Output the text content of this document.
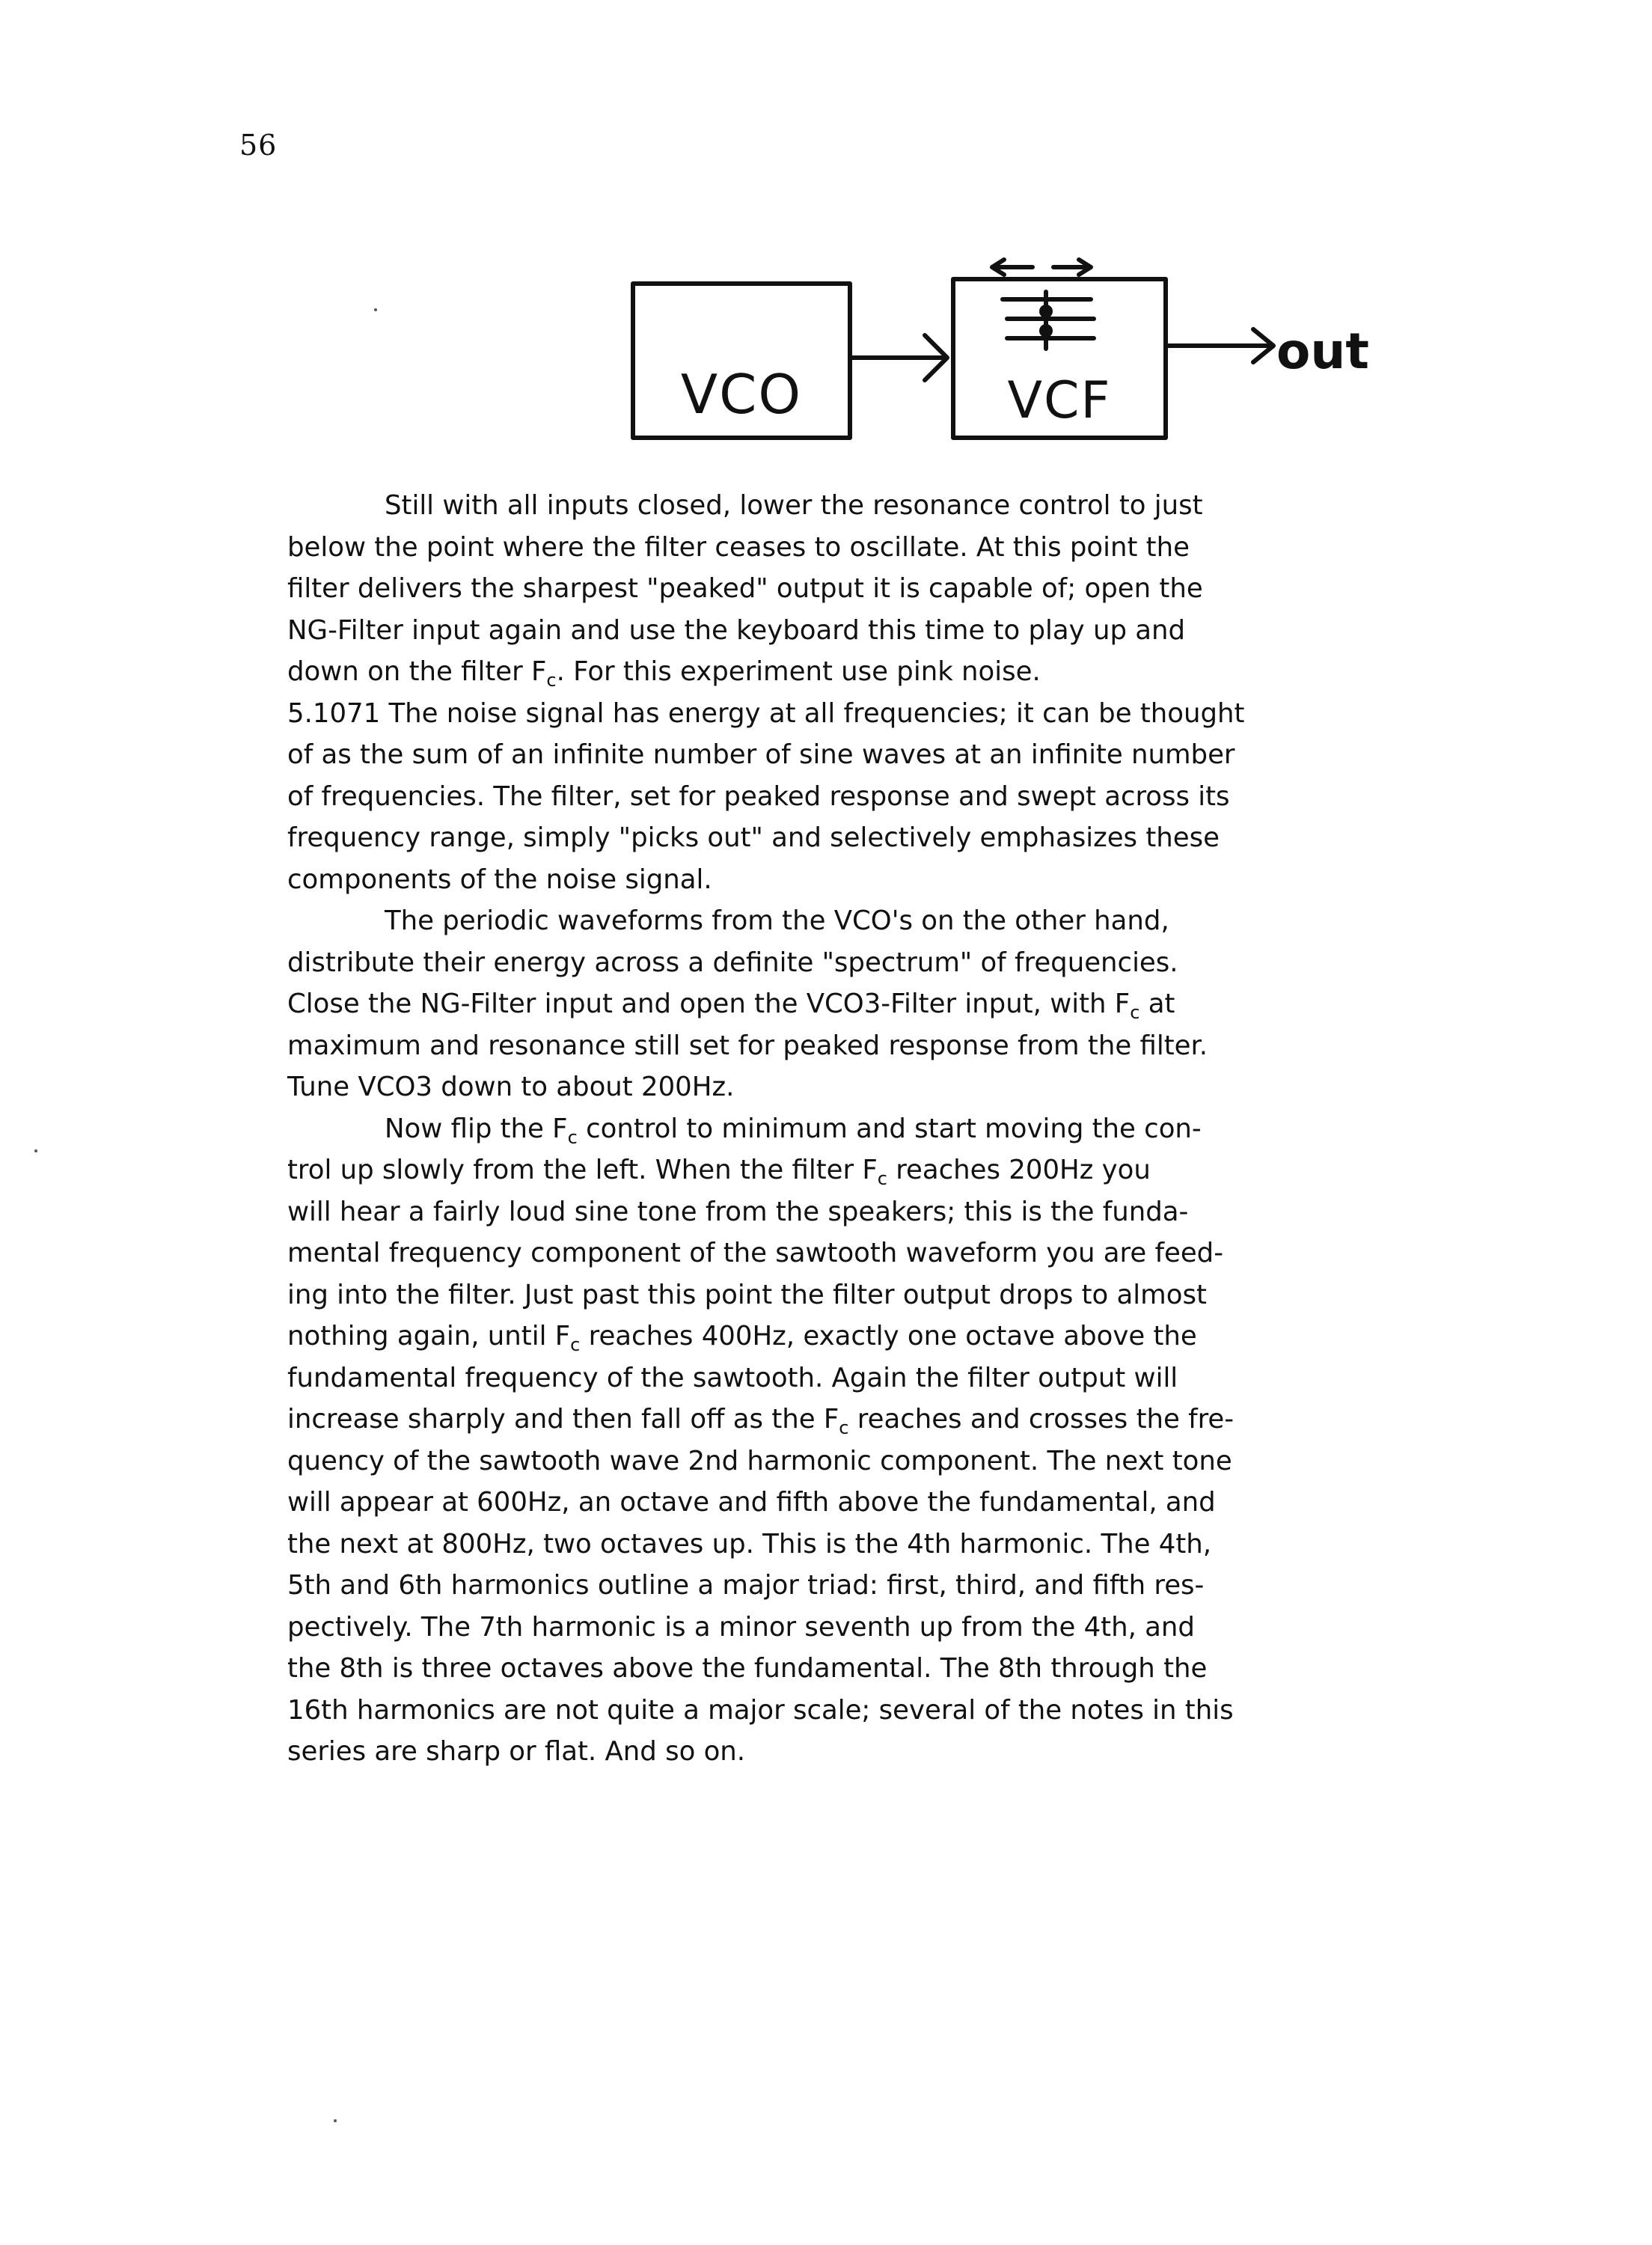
56
VCO	VCF
out

Still with all inputs closed, lower the resonance control to just

below the point where the filter ceases to oscillate. At this point the

filter delivers the sharpest "peaked" output it is capable of; open the

NG-Filter input again and use the keyboard this time to play up and

down on the filter $F_c$. For this experiment use pink noise.

5.1071 The noise signal has energy at all frequencies; it can be thought

of as the sum of an infinite number of sine waves at an infinite number

of frequencies. The filter, set for peaked response and swept across its

frequency range, simply "picks out" and selectively emphasizes these

components of the noise signal.

The periodic waveforms from the VCO's on the other hand,

distribute their energy across a definite "spectrum" of frequencies.

Close the NG-Filter input and open the VCO3-Filter input, with $F_c$ at

maximum and resonance still set for peaked response from the filter.

Tune VCO3 down to about 200Hz.

Now flip the $F_c$ control to minimum and start moving the con-

trol up slowly from the left. When the filter $F_c$ reaches 200Hz you

will hear a fairly loud sine tone from the speakers; this is the funda-

mental frequency component of the sawtooth waveform you are feed-

ing into the filter. Just past this point the filter output drops to almost

nothing again, until $F_c$ reaches 400Hz, exactly one octave above the

fundamental frequency of the sawtooth. Again the filter output will

increase sharply and then fall off as the $F_c$ reaches and crosses the fre-

quency of the sawtooth wave 2nd harmonic component. The next tone

will appear at 600Hz, an octave and fifth above the fundamental, and

the next at 800Hz, two octaves up. This is the 4th harmonic. The 4th,

5th and 6th harmonics outline a major triad: first, third, and fifth res-

pectively. The 7th harmonic is a minor seventh up from the 4th, and

the 8th is three octaves above the fundamental. The 8th through the

16th harmonics are not quite a major scale; several of the notes in this

series are sharp or flat. And so on.
